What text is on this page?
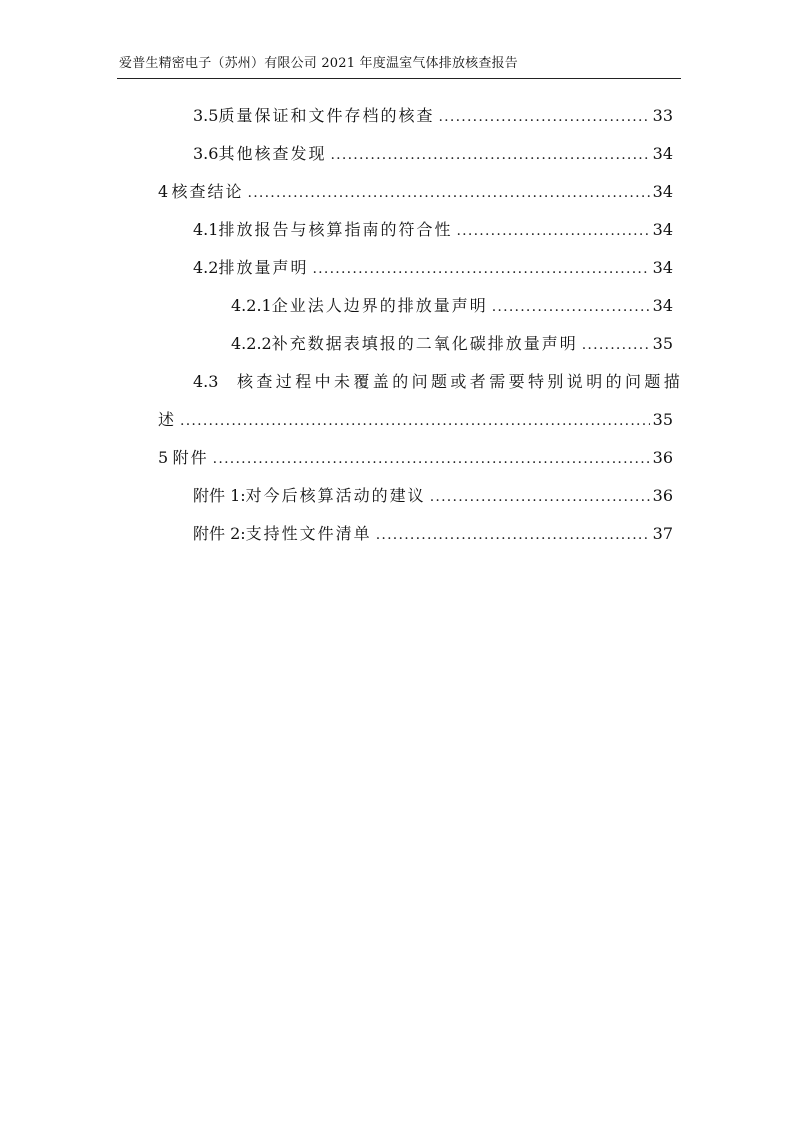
爱普生精密电子（苏州）有限公司 2021 年度温室气体排放核查报告
3.5 质量保证和文件存档的核查 . . .	33
3.6 其他核查发现 . . .	34
4 核查结论 . . .	34
4.1 排放报告与核算指南的符合性 . . .	34
4.2 排放量声明 . . .	34
4.2.1 企业法人边界的排放量声明 . . .	34
4.2.2 补充数据表填报的二氧化碳排放量声明 . . .	35
4.3 核查过程中未覆盖的问题或者需要特别说明的问题描
述 . . .	35
5 附件 . . .	36
附件 1: 对今后核算活动的建议 . . .	36
附件 2: 支持性文件清单 . . .	37
